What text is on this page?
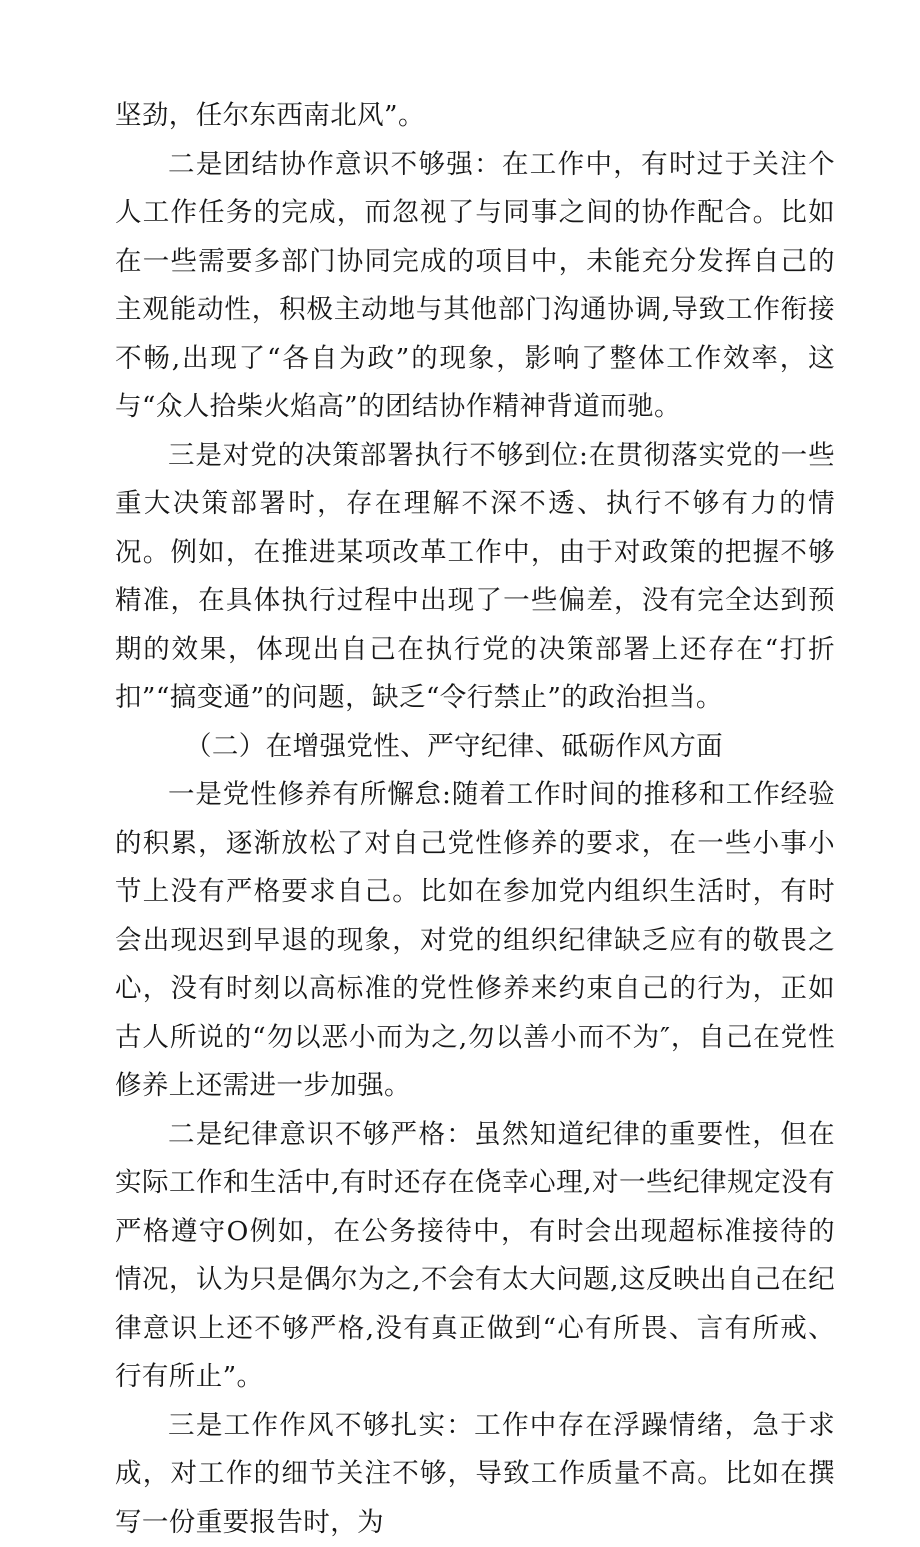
坚劲，任尔东西南北风”。

二是团结协作意识不够强：在工作中，有时过于关注个人工作任务的完成，而忽视了与同事之间的协作配合。比如在一些需要多部门协同完成的项目中，未能充分发挥自己的主观能动性，积极主动地与其他部门沟通协调,导致工作衔接不畅,出现了“各自为政”的现象，影响了整体工作效率，这与“众人拾柴火焰高”的团结协作精神背道而驰。

三是对党的决策部署执行不够到位:在贯彻落实党的一些重大决策部署时，存在理解不深不透、执行不够有力的情况。例如，在推进某项改革工作中，由于对政策的把握不够精准，在具体执行过程中出现了一些偏差，没有完全达到预期的效果，体现出自己在执行党的决策部署上还存在“打折扣”“搞变通”的问题，缺乏“令行禁止”的政治担当。

（二）在增强党性、严守纪律、砥砺作风方面

一是党性修养有所懈怠:随着工作时间的推移和工作经验的积累，逐渐放松了对自己党性修养的要求，在一些小事小节上没有严格要求自己。比如在参加党内组织生活时，有时会出现迟到早退的现象，对党的组织纪律缺乏应有的敬畏之心，没有时刻以高标准的党性修养来约束自己的行为，正如古人所说的“勿以恶小而为之,勿以善小而不为″，自己在党性修养上还需进一步加强。

二是纪律意识不够严格：虽然知道纪律的重要性，但在实际工作和生活中,有时还存在侥幸心理,对一些纪律规定没有严格遵守O例如，在公务接待中，有时会出现超标准接待的情况，认为只是偶尔为之,不会有太大问题,这反映出自己在纪律意识上还不够严格,没有真正做到“心有所畏、言有所戒、行有所止”。

三是工作作风不够扎实：工作中存在浮躁情绪，急于求成，对工作的细节关注不够，导致工作质量不高。比如在撰写一份重要报告时，为
